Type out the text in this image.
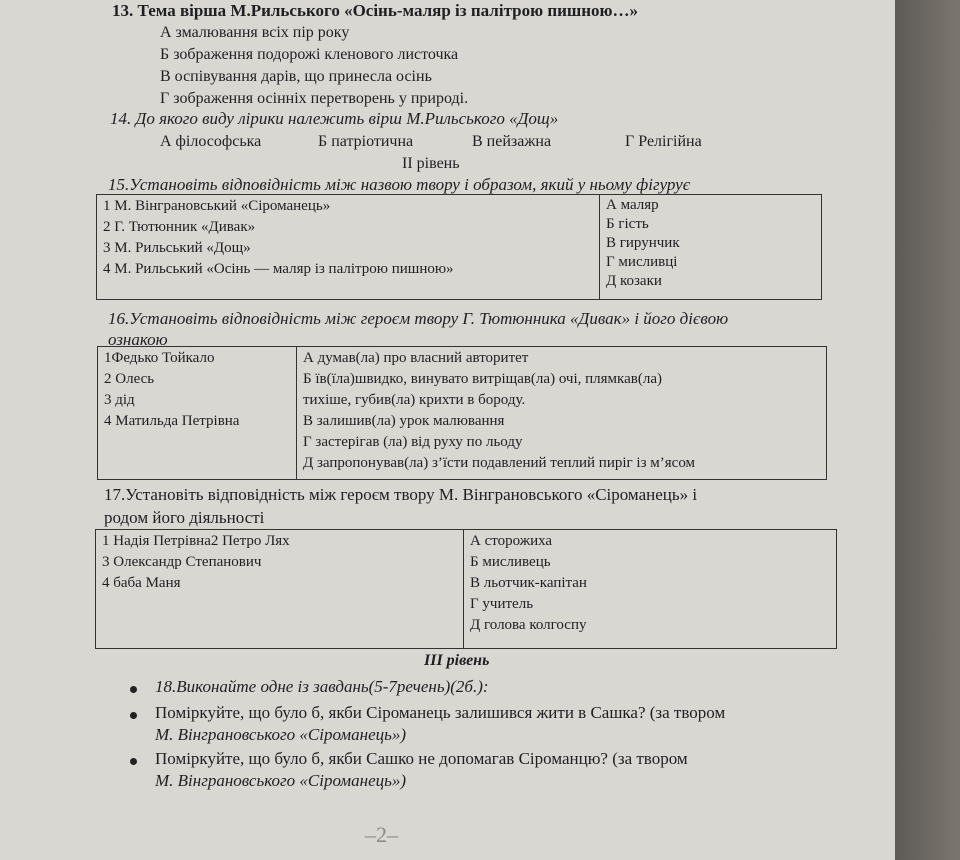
13. Тема вірша М.Рильського «Осінь-маляр із палітрою пишною…»
А змалювання всіх пір року
Б зображення подорожі кленового листочка
В оспівування дарів, що принесла осінь
Г зображення осінніх перетворень у природі.
14. До якого виду лірики належить вірш М.Рильського «Дощ»
А філософська	Б патріотична	В пейзажна	Г Релігійна
ІІ рівень
15.Установіть відповідність між назвою твору і образом, який у ньому фігурує
1 М. Вінграновський «Сіроманець»
2 Г. Тютюнник «Дивак»
3 М. Рильський «Дощ»
4 М. Рильський «Осінь — маляр із палітрою пишною»

А маляр
Б гість
В гирунчик
Г мисливці
Д козаки
16.Установіть відповідність між героєм твору Г. Тютюнника «Дивак» і його дієвою
ознакою
1Федько Тойкало
2 Олесь
3 дід
4 Матильда Петрівна

А думав(ла) про власний авторитет
Б їв(їла)швидко, винувато витріщав(ла) очі, плямкав(ла)
тихіше, губив(ла) крихти в бороду.
В залишив(ла) урок малювання
Г застерігав (ла) від руху по льоду
Д запропонував(ла) з’їсти подавлений теплий пиріг із м’ясом
17.Установіть відповідність між героєм твору М. Вінграновського «Сіроманець» і
родом його діяльності
1 Надія Петрівна2 Петро Лях
3 Олександр Степанович
4 баба Маня

А сторожиха
Б мисливець
В льотчик-капітан
Г учитель
Д голова колгоспу
ІІІ рівень
18.Виконайте одне із завдань(5-7речень)(2б.):
Поміркуйте, що було б, якби Сіроманець залишився жити в Сашка? (за твором
М. Вінграновського «Сіроманець»)
Поміркуйте, що було б, якби Сашко не допомагав Сіроманцю? (за твором
М. Вінграновського «Сіроманець»)
–2–
